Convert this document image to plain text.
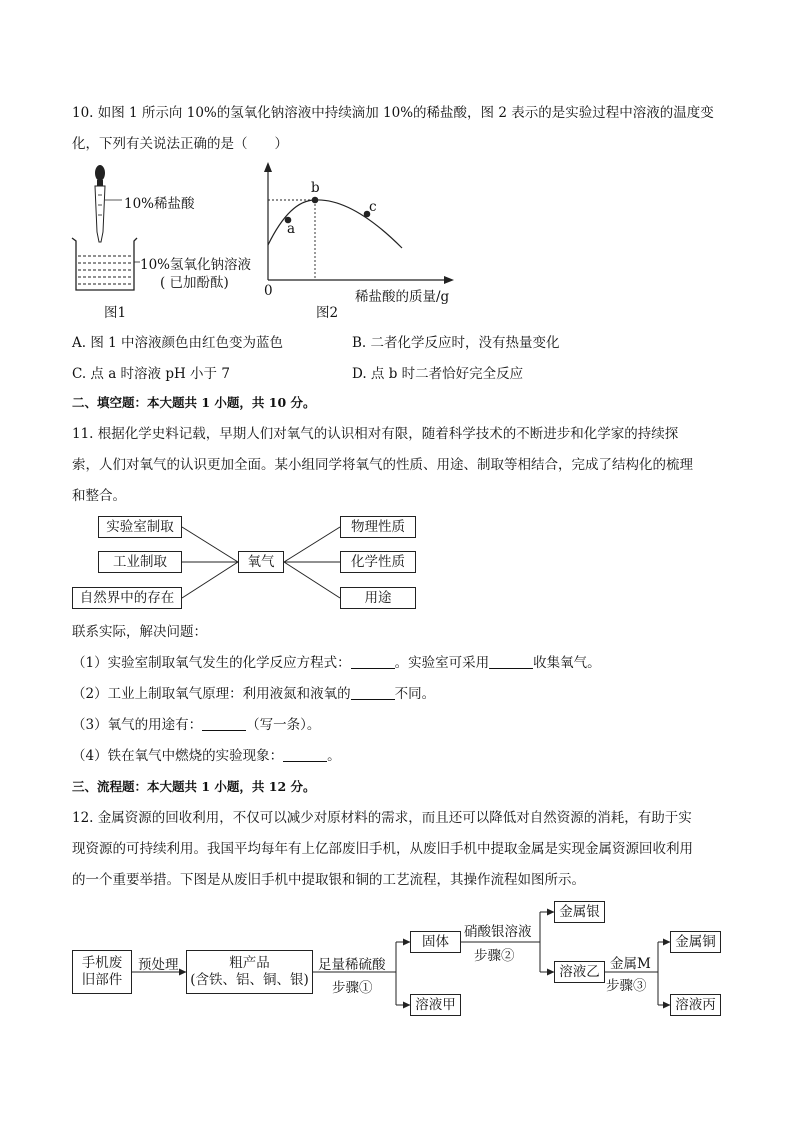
10. 如图 1 所示向 10%的氢氧化钠溶液中持续滴加 10%的稀盐酸，图 2 表示的是实验过程中溶液的温度变
化，下列有关说法正确的是（　　）
10%稀盐酸
10%氢氧化钠溶液
( 已加酚酞)
图1
0	稀盐酸的质量/g
a
b
c
图2
A. 图 1 中溶液颜色由红色变为蓝色	B. 二者化学反应时，没有热量变化
C. 点 a 时溶液 pH 小于 7	D. 点 b 时二者恰好完全反应
二、填空题：本大题共 1 小题，共 10 分。
11. 根据化学史料记载，早期人们对氧气的认识相对有限，随着科学技术的不断进步和化学家的持续探
索，人们对氧气的认识更加全面。某小组同学将氧气的性质、用途、制取等相结合，完成了结构化的梳理
和整合。
实验室制取
工业制取
自然界中的存在
氧气
物理性质
化学性质
用途
联系实际，解决问题：
（1）实验室制取氧气发生的化学反应方程式：	。实验室可采用	收集氧气。
（2）工业上制取氧气原理：利用液氮和液氧的	不同。
（3）氧气的用途有：	（写一条）。
（4）铁在氧气中燃烧的实验现象：	。
三、流程题：本大题共 1 小题，共 12 分。
12. 金属资源的回收利用，不仅可以减少对原材料的需求，而且还可以降低对自然资源的消耗，有助于实
现资源的可持续利用。我国平均每年有上亿部废旧手机，从废旧手机中提取金属是实现金属资源回收利用
的一个重要举措。下图是从废旧手机中提取银和铜的工艺流程，其操作流程如图所示。
手机废
旧部件
预处理	粗产品
(含铁、铝、铜、银)
足量稀硫酸
步骤①
固体
溶液甲
硝酸银溶液
步骤②
金属银
溶液乙 金属M
步骤③
金属铜
溶液丙
